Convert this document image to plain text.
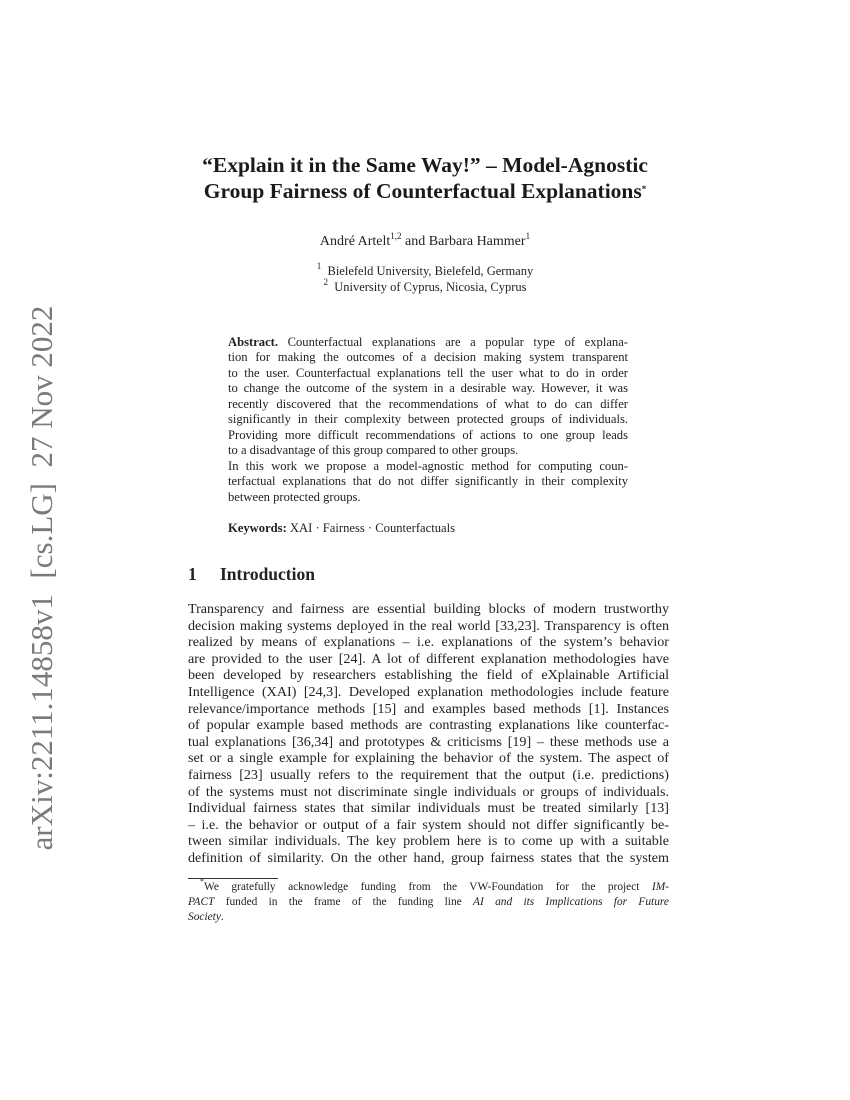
arXiv:2211.14858v1  [cs.LG]  27 Nov 2022
“Explain it in the Same Way!” – Model-Agnostic
Group Fairness of Counterfactual Explanations*
André Artelt$^{1,2}$ and Barbara Hammer$^1$
$^1$ Bielefeld University, Bielefeld, Germany
$^2$ University of Cyprus, Nicosia, Cyprus
Abstract. Counterfactual explanations are a popular type of explana-
tion for making the outcomes of a decision making system transparent
to the user. Counterfactual explanations tell the user what to do in order
to change the outcome of the system in a desirable way. However, it was
recently discovered that the recommendations of what to do can differ
significantly in their complexity between protected groups of individuals.
Providing more difficult recommendations of actions to one group leads
to a disadvantage of this group compared to other groups.
In this work we propose a model-agnostic method for computing coun-
terfactual explanations that do not differ significantly in their complexity
between protected groups.
Keywords: XAI · Fairness · Counterfactuals
1 Introduction
Transparency and fairness are essential building blocks of modern trustworthy
decision making systems deployed in the real world [33,23]. Transparency is often
realized by means of explanations – i.e. explanations of the system’s behavior
are provided to the user [24]. A lot of different explanation methodologies have
been developed by researchers establishing the field of eXplainable Artificial
Intelligence (XAI) [24,3]. Developed explanation methodologies include feature
relevance/importance methods [15] and examples based methods [1]. Instances
of popular example based methods are contrasting explanations like counterfac-
tual explanations [36,34] and prototypes & criticisms [19] – these methods use a
set or a single example for explaining the behavior of the system. The aspect of
fairness [23] usually refers to the requirement that the output (i.e. predictions)
of the systems must not discriminate single individuals or groups of individuals.
Individual fairness states that similar individuals must be treated similarly [13]
– i.e. the behavior or output of a fair system should not differ significantly be-
tween similar individuals. The key problem here is to come up with a suitable
definition of similarity. On the other hand, group fairness states that the system
*We gratefully acknowledge funding from the VW-Foundation for the project IM-
PACT funded in the frame of the funding line AI and its Implications for Future
Society.
